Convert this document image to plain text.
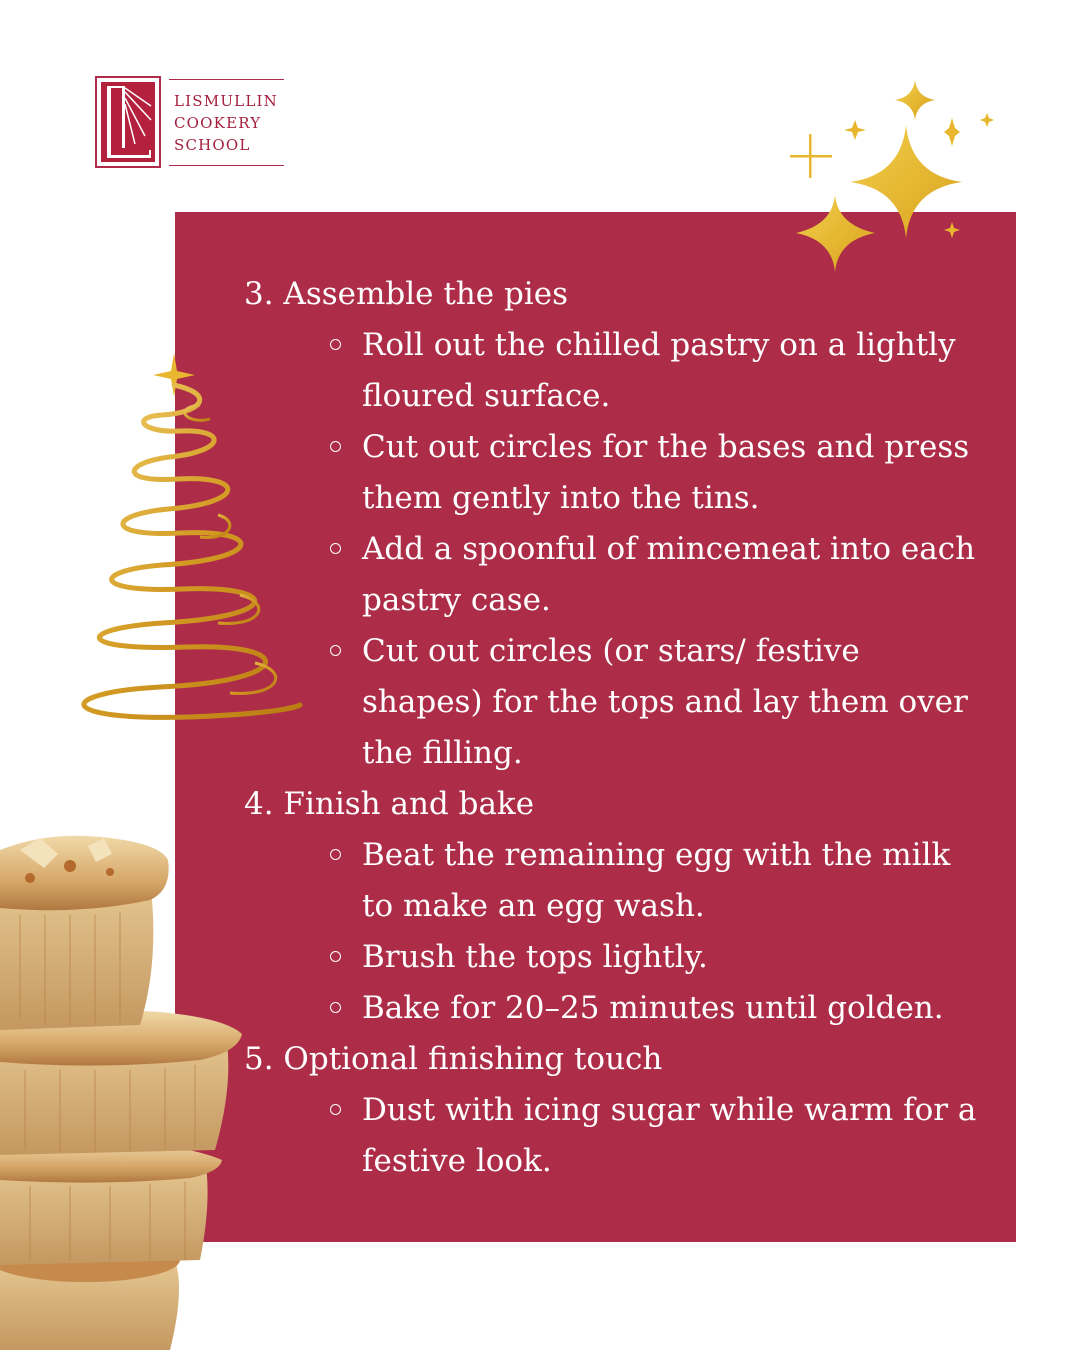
LISMULLIN
COOKERY
SCHOOL
3. Assemble the pies
Roll out the chilled pastry on a lightly floured surface.
Cut out circles for the bases and press them gently into the tins.
Add a spoonful of mincemeat into each pastry case.
Cut out circles (or stars/ festive shapes) for the tops and lay them over the filling.
4. Finish and bake
Beat the remaining egg with the milk to make an egg wash.
Brush the tops lightly.
Bake for 20–25 minutes until golden.
5. Optional finishing touch
Dust with icing sugar while warm for a festive look.
